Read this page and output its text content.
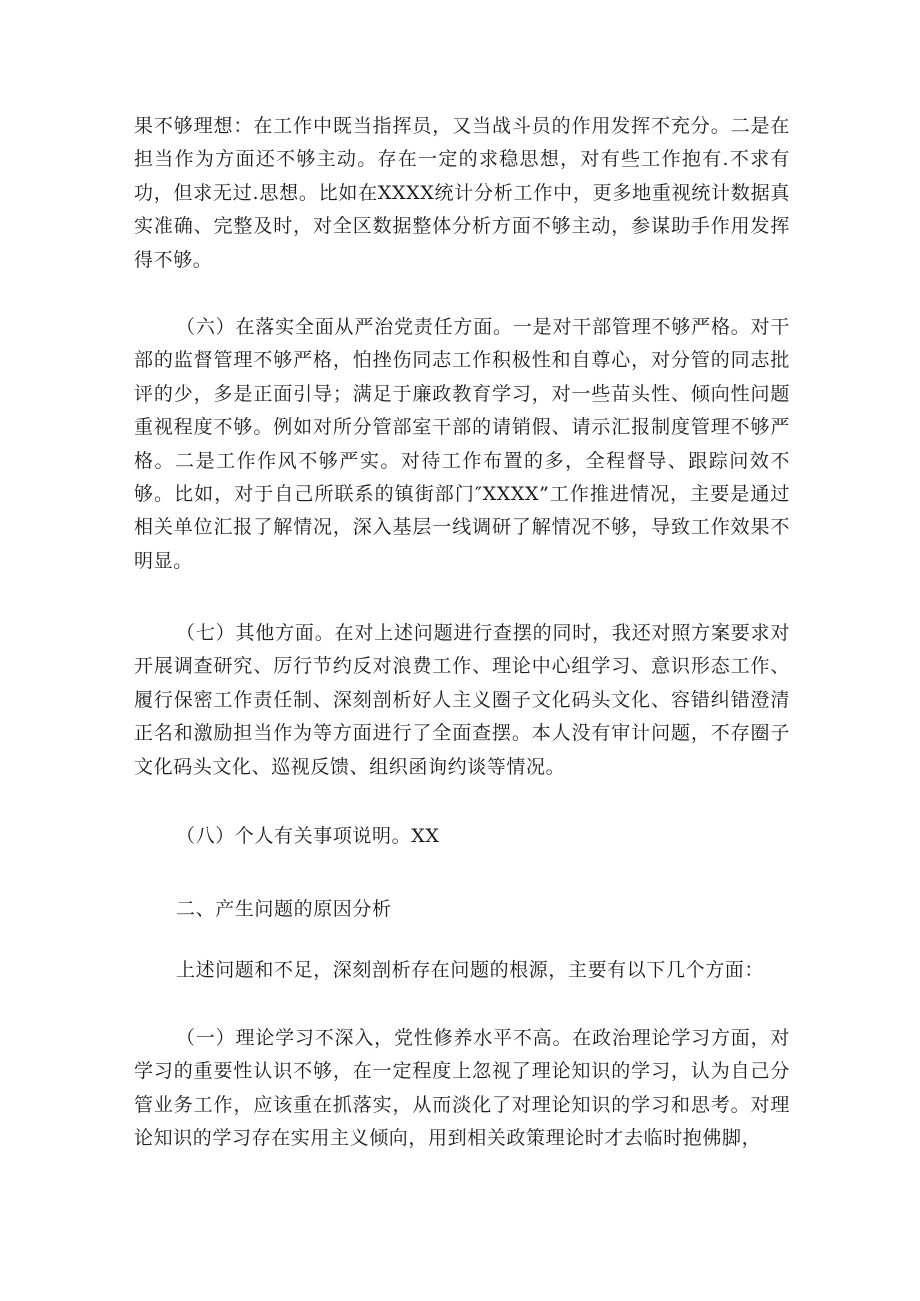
果不够理想：在工作中既当指挥员，又当战斗员的作用发挥不充分。二是在担当作为方面还不够主动。存在一定的求稳思想，对有些工作抱有.不求有功，但求无过.思想。比如在XXXX统计分析工作中，更多地重视统计数据真实准确、完整及时，对全区数据整体分析方面不够主动，参谋助手作用发挥得不够。

（六）在落实全面从严治党责任方面。一是对干部管理不够严格。对干部的监督管理不够严格，怕挫伤同志工作积极性和自尊心，对分管的同志批评的少，多是正面引导；满足于廉政教育学习，对一些苗头性、倾向性问题重视程度不够。例如对所分管部室干部的请销假、请示汇报制度管理不够严格。二是工作作风不够严实。对待工作布置的多，全程督导、跟踪问效不够。比如，对于自己所联系的镇街部门″XXXX”工作推进情况，主要是通过相关单位汇报了解情况，深入基层一线调研了解情况不够，导致工作效果不明显。

（七）其他方面。在对上述问题进行查摆的同时，我还对照方案要求对开展调查研究、厉行节约反对浪费工作、理论中心组学习、意识形态工作、履行保密工作责任制、深刻剖析好人主义圈子文化码头文化、容错纠错澄清正名和激励担当作为等方面进行了全面查摆。本人没有审计问题，不存圈子文化码头文化、巡视反馈、组织函询约谈等情况。

（八）个人有关事项说明。XX

二、产生问题的原因分析

上述问题和不足，深刻剖析存在问题的根源，主要有以下几个方面：

（一）理论学习不深入，党性修养水平不高。在政治理论学习方面，对学习的重要性认识不够，在一定程度上忽视了理论知识的学习，认为自己分管业务工作，应该重在抓落实，从而淡化了对理论知识的学习和思考。对理论知识的学习存在实用主义倾向，用到相关政策理论时才去临时抱佛脚，
